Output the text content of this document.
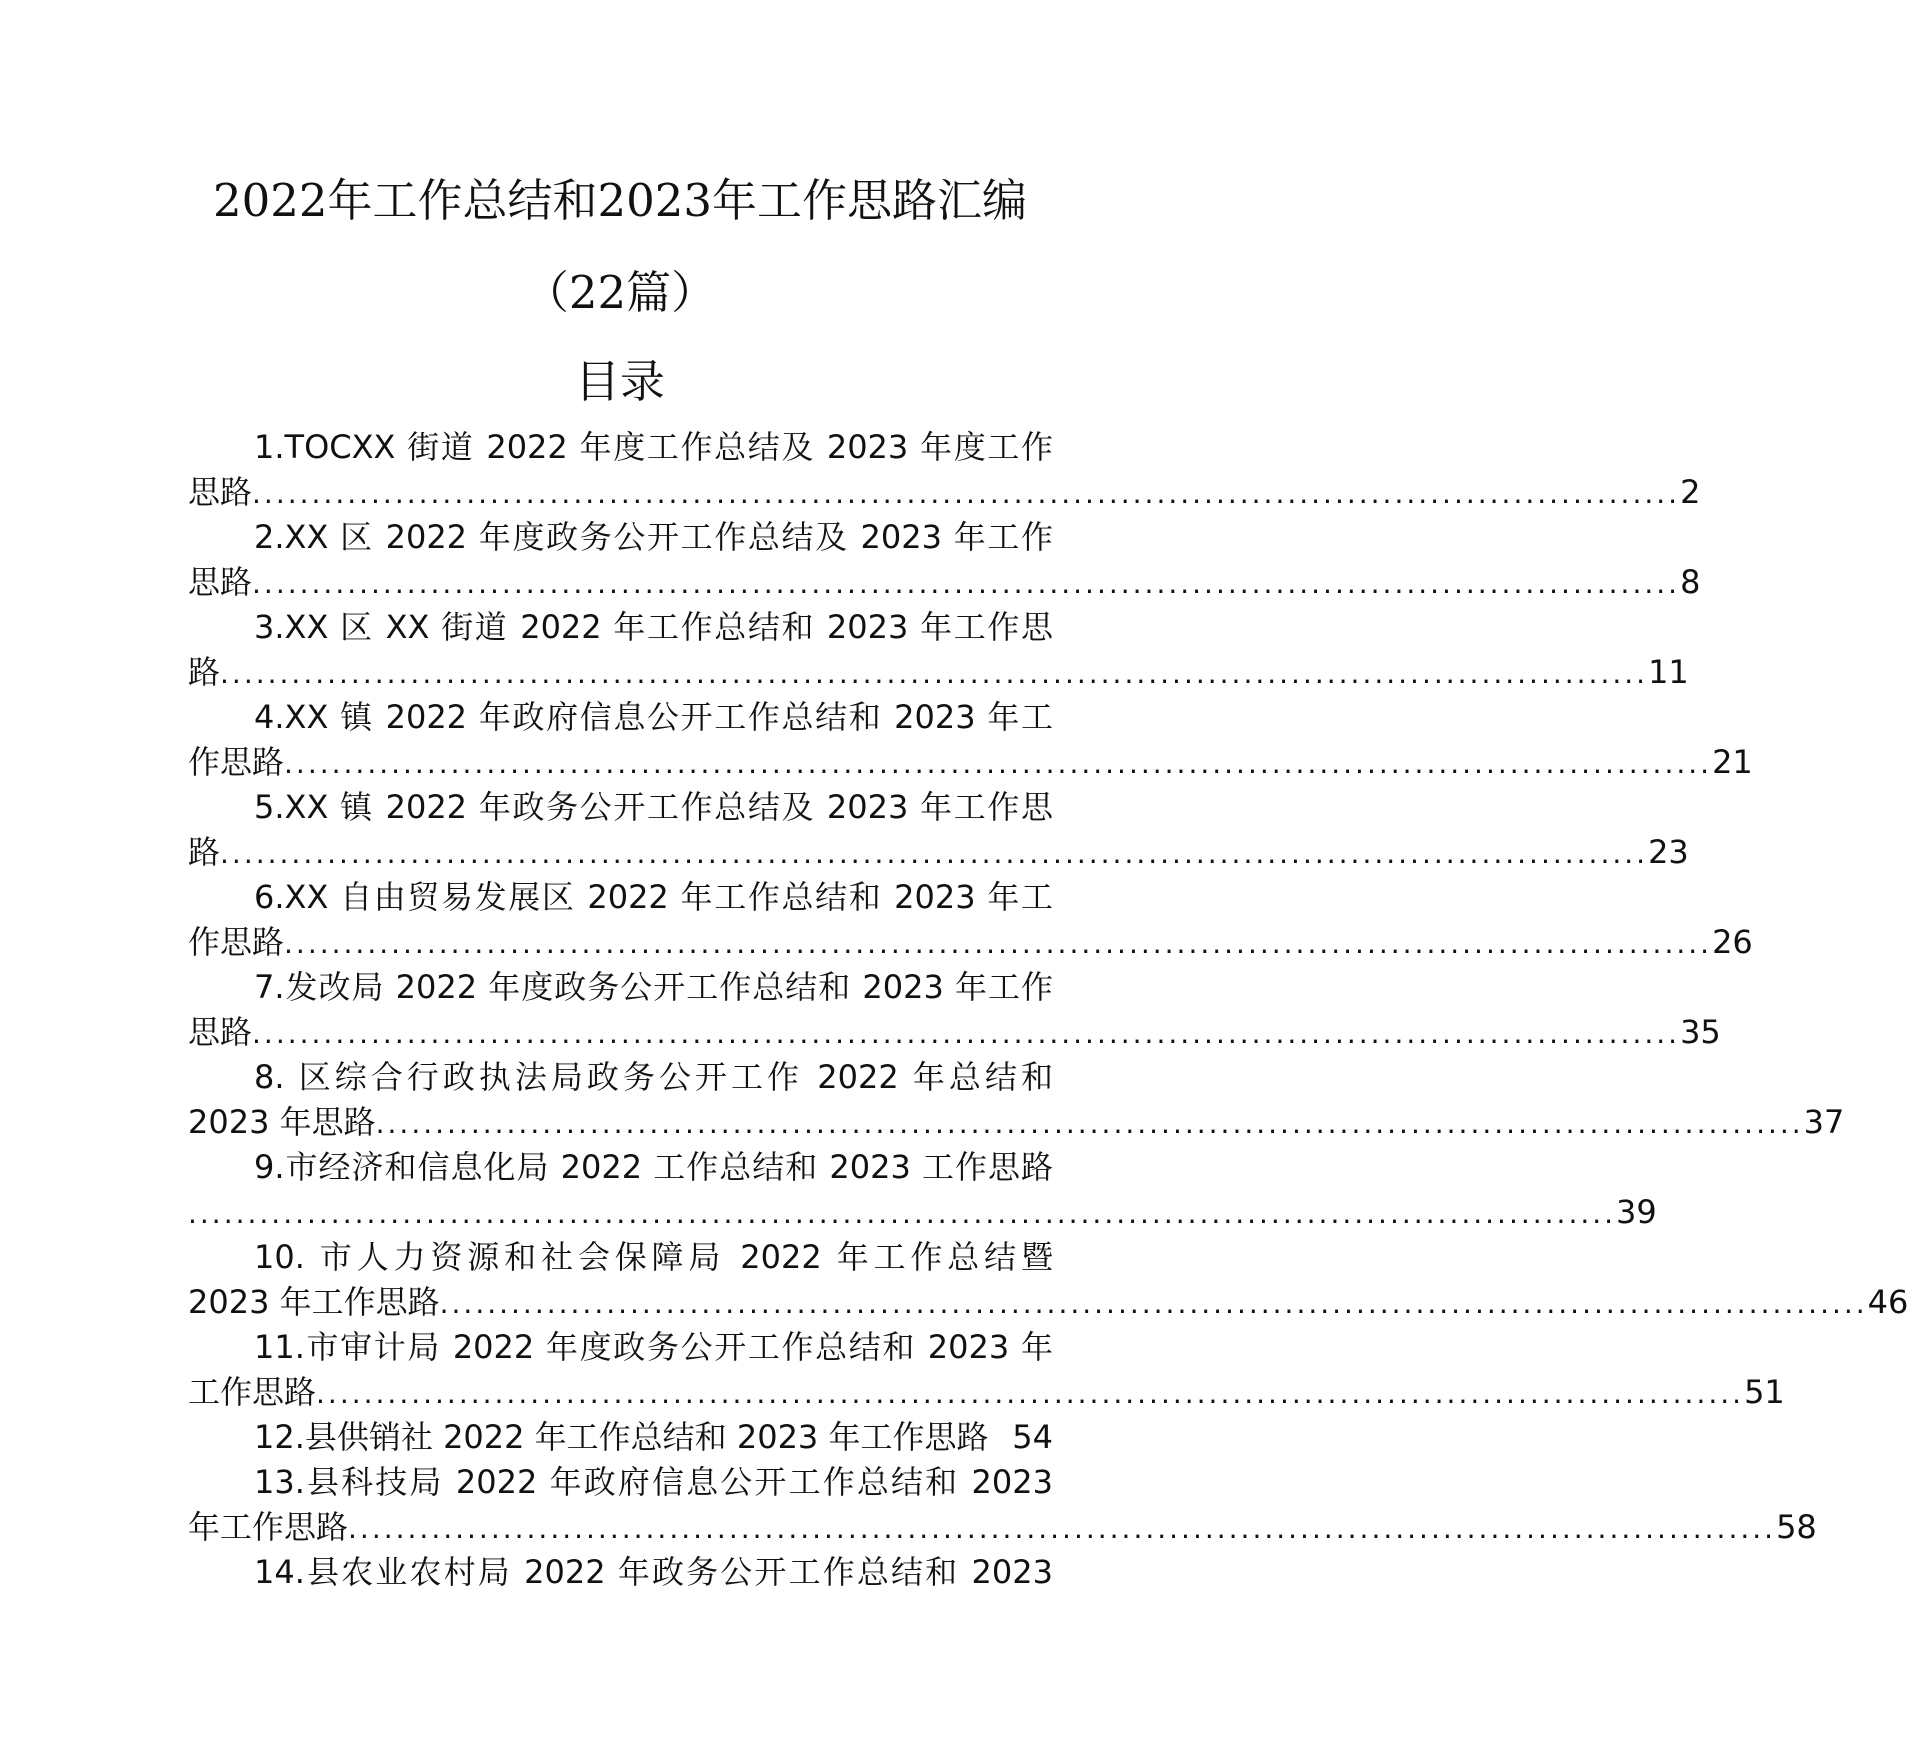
2022年工作总结和2023年工作思路汇编
（22篇）
目录
1.TOCXX 街道 2022 年度工作总结及 2023 年度工作
思路 ........................................................................................................................ 2
2.XX 区 2022 年度政务公开工作总结及 2023 年工作
思路 ........................................................................................................................ 8
3.XX 区 XX 街道 2022 年工作总结和 2023 年工作思
路 ........................................................................................................................ 11
4.XX 镇 2022 年政府信息公开工作总结和 2023 年工
作思路 ........................................................................................................................ 21
5.XX 镇 2022 年政务公开工作总结及 2023 年工作思
路 ........................................................................................................................ 23
6.XX 自由贸易发展区 2022 年工作总结和 2023 年工
作思路 ........................................................................................................................ 26
7.发改局 2022 年度政务公开工作总结和 2023 年工作
思路 ........................................................................................................................ 35
8. 区综合行政执法局政务公开工作 2022 年总结和
2023 年思路 ........................................................................................................................ 37
9.市经济和信息化局 2022 工作总结和 2023 工作思路
........................................................................................................................ 39
10. 市人力资源和社会保障局 2022 年工作总结暨
2023 年工作思路 ........................................................................................................................ 46
11.市审计局 2022 年度政务公开工作总结和 2023 年
工作思路 ........................................................................................................................ 51
12.县供销社 2022 年工作总结和 2023 年工作思路 54
13.县科技局 2022 年政府信息公开工作总结和 2023
年工作思路 ........................................................................................................................ 58
14.县农业农村局 2022 年政务公开工作总结和 2023
